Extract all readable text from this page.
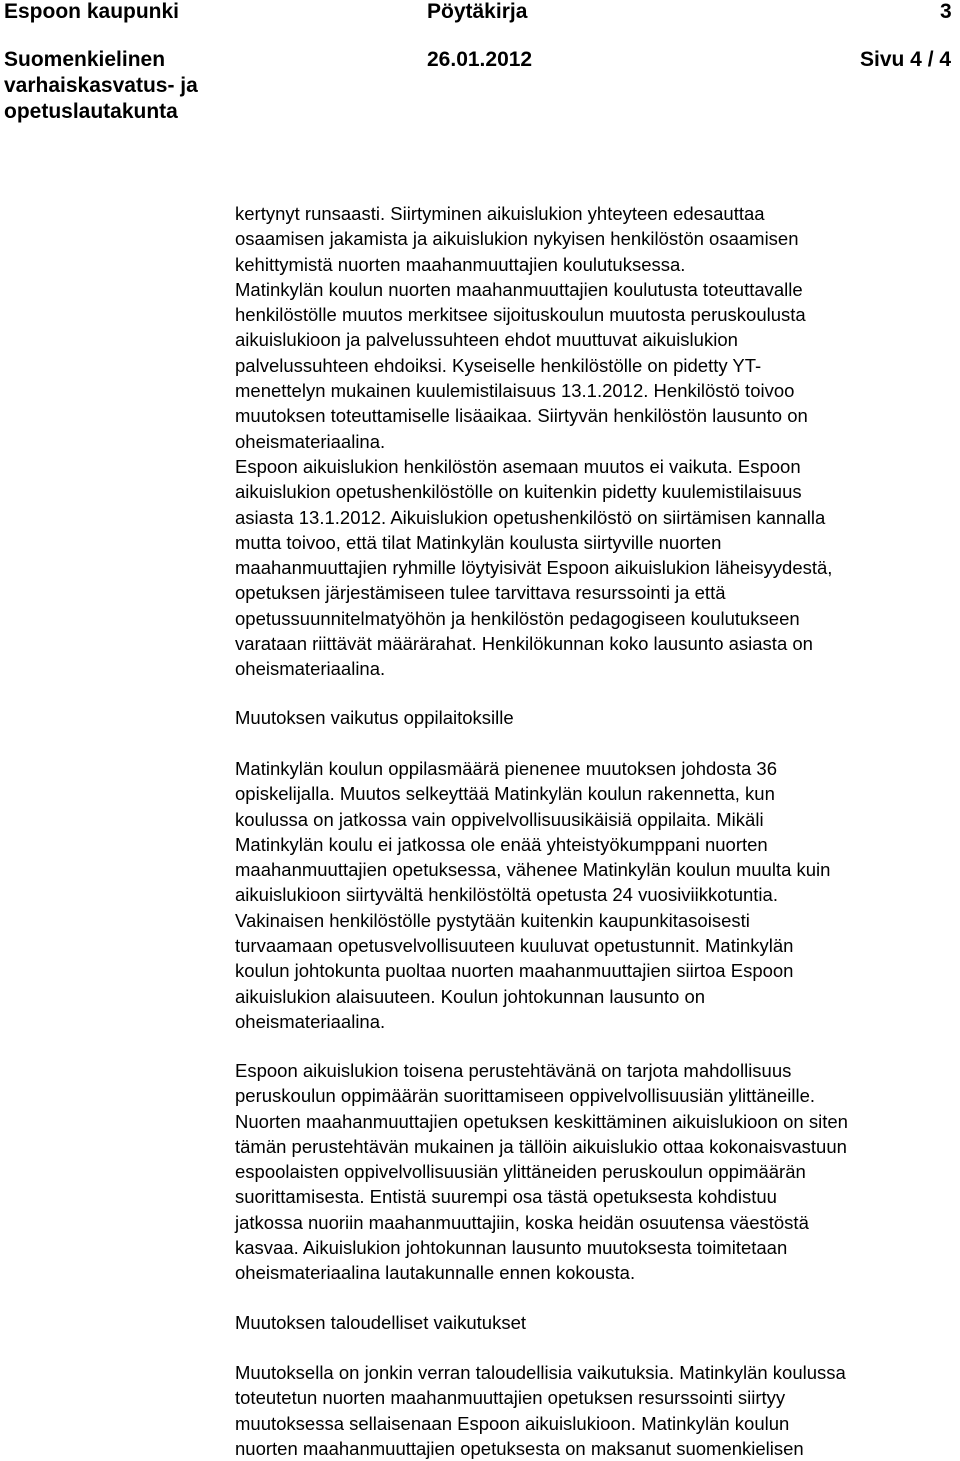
Espoon kaupunki	Pöytäkirja	3
Suomenkielinen
varhaiskasvatus- ja
opetuslautakunta
26.01.2012	Sivu 4 / 4
kertynyt runsaasti. Siirtyminen aikuislukion yhteyteen edesauttaa
osaamisen jakamista ja aikuislukion nykyisen henkilöstön osaamisen
kehittymistä nuorten maahanmuuttajien koulutuksessa.
Matinkylän koulun nuorten maahanmuuttajien koulutusta toteuttavalle
henkilöstölle muutos merkitsee sijoituskoulun muutosta peruskoulusta
aikuislukioon ja palvelussuhteen ehdot muuttuvat aikuislukion
palvelussuhteen ehdoiksi. Kyseiselle henkilöstölle on pidetty YT-
menettelyn mukainen kuulemistilaisuus 13.1.2012. Henkilöstö toivoo
muutoksen toteuttamiselle lisäaikaa. Siirtyvän henkilöstön lausunto on
oheismateriaalina.
Espoon aikuislukion henkilöstön asemaan muutos ei vaikuta. Espoon
aikuislukion opetushenkilöstölle on kuitenkin pidetty kuulemistilaisuus
asiasta 13.1.2012. Aikuislukion opetushenkilöstö on siirtämisen kannalla
mutta toivoo, että tilat Matinkylän koulusta siirtyville nuorten
maahanmuuttajien ryhmille löytyisivät Espoon aikuislukion läheisyydestä,
opetuksen järjestämiseen tulee tarvittava resurssointi ja että
opetussuunnitelmatyöhön ja henkilöstön pedagogiseen koulutukseen
varataan riittävät määrärahat. Henkilökunnan koko lausunto asiasta on
oheismateriaalina.
Muutoksen vaikutus oppilaitoksille
Matinkylän koulun oppilasmäärä pienenee muutoksen johdosta 36
opiskelijalla. Muutos selkeyttää Matinkylän koulun rakennetta, kun
koulussa on jatkossa vain oppivelvollisuusikäisiä oppilaita. Mikäli
Matinkylän koulu ei jatkossa ole enää yhteistyökumppani nuorten
maahanmuuttajien opetuksessa, vähenee Matinkylän koulun muulta kuin
aikuislukioon siirtyvältä henkilöstöltä opetusta 24 vuosiviikkotuntia.
Vakinaisen henkilöstölle pystytään kuitenkin kaupunkitasoisesti
turvaamaan opetusvelvollisuuteen kuuluvat opetustunnit. Matinkylän
koulun johtokunta puoltaa nuorten maahanmuuttajien siirtoa Espoon
aikuislukion alaisuuteen. Koulun johtokunnan lausunto on
oheismateriaalina.
Espoon aikuislukion toisena perustehtävänä on tarjota mahdollisuus
peruskoulun oppimäärän suorittamiseen oppivelvollisuusiän ylittäneille.
Nuorten maahanmuuttajien opetuksen keskittäminen aikuislukioon on siten
tämän perustehtävän mukainen ja tällöin aikuislukio ottaa kokonaisvastuun
espoolaisten oppivelvollisuusiän ylittäneiden peruskoulun oppimäärän
suorittamisesta. Entistä suurempi osa tästä opetuksesta kohdistuu
jatkossa nuoriin maahanmuuttajiin, koska heidän osuutensa väestöstä
kasvaa. Aikuislukion johtokunnan lausunto muutoksesta toimitetaan
oheismateriaalina lautakunnalle ennen kokousta.
Muutoksen taloudelliset vaikutukset
Muutoksella on jonkin verran taloudellisia vaikutuksia. Matinkylän koulussa
toteutetun nuorten maahanmuuttajien opetuksen resurssointi siirtyy
muutoksessa sellaisenaan Espoon aikuislukioon. Matinkylän koulun
nuorten maahanmuuttajien opetuksesta on maksanut suomenkielisen
